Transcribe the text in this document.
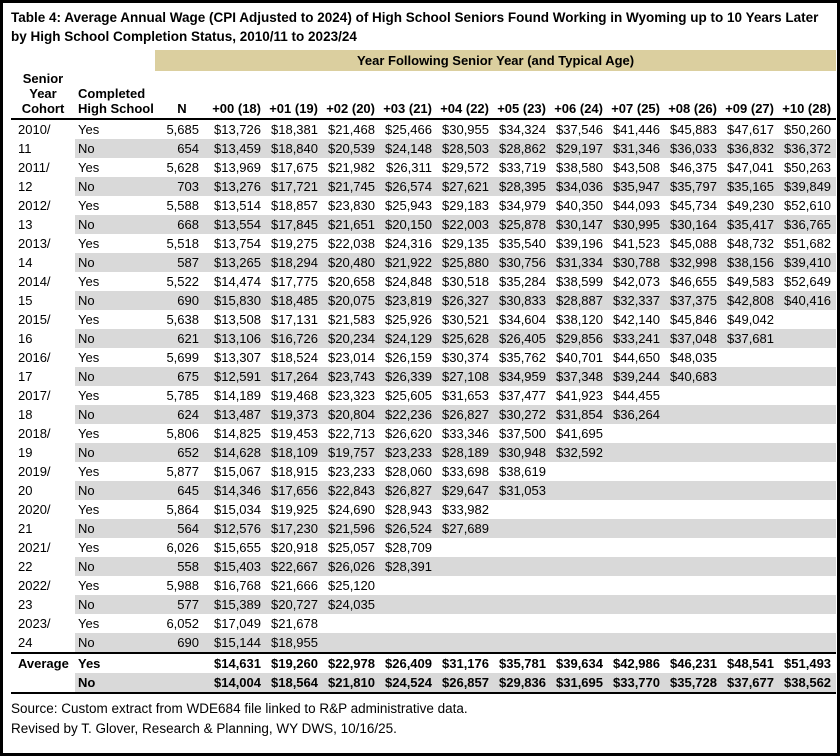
Table 4: Average Annual Wage (CPI Adjusted to 2024) of High School Seniors Found Working in Wyoming up to 10 Years Later by High School Completion Status, 2010/11 to 2023/24
		Year Following Senior Year (and Typical Age)											

Senior
Year
Cohort

Completed
High School	N	+00 (18)	+01 (19)	+02 (20)	+03 (21)	+04 (22)	+05 (23)	+06 (24)	+07 (25)	+08 (26)	+09 (27)	+10 (28)
2010/	Yes	5,685	$13,726	$18,381	$21,468	$25,466	$30,955	$34,324	$37,546	$41,446	$45,883	$47,617	$50,260
11	No	654	$13,459	$18,840	$20,539	$24,148	$28,503	$28,862	$29,197	$31,346	$36,033	$36,832	$36,372
2011/	Yes	5,628	$13,969	$17,675	$21,982	$26,311	$29,572	$33,719	$38,580	$43,508	$46,375	$47,041	$50,263
12	No	703	$13,276	$17,721	$21,745	$26,574	$27,621	$28,395	$34,036	$35,947	$35,797	$35,165	$39,849
2012/	Yes	5,588	$13,514	$18,857	$23,830	$25,943	$29,183	$34,979	$40,350	$44,093	$45,734	$49,230	$52,610
13	No	668	$13,554	$17,845	$21,651	$20,150	$22,003	$25,878	$30,147	$30,995	$30,164	$35,417	$36,765
2013/	Yes	5,518	$13,754	$19,275	$22,038	$24,316	$29,135	$35,540	$39,196	$41,523	$45,088	$48,732	$51,682
14	No	587	$13,265	$18,294	$20,480	$21,922	$25,880	$30,756	$31,334	$30,788	$32,998	$38,156	$39,410
2014/	Yes	5,522	$14,474	$17,775	$20,658	$24,848	$30,518	$35,284	$38,599	$42,073	$46,655	$49,583	$52,649
15	No	690	$15,830	$18,485	$20,075	$23,819	$26,327	$30,833	$28,887	$32,337	$37,375	$42,808	$40,416
2015/	Yes	5,638	$13,508	$17,131	$21,583	$25,926	$30,521	$34,604	$38,120	$42,140	$45,846	$49,042	
16	No	621	$13,106	$16,726	$20,234	$24,129	$25,628	$26,405	$29,856	$33,241	$37,048	$37,681	
2016/	Yes	5,699	$13,307	$18,524	$23,014	$26,159	$30,374	$35,762	$40,701	$44,650	$48,035		
17	No	675	$12,591	$17,264	$23,743	$26,339	$27,108	$34,959	$37,348	$39,244	$40,683		
2017/	Yes	5,785	$14,189	$19,468	$23,323	$25,605	$31,653	$37,477	$41,923	$44,455			
18	No	624	$13,487	$19,373	$20,804	$22,236	$26,827	$30,272	$31,854	$36,264			
2018/	Yes	5,806	$14,825	$19,453	$22,713	$26,620	$33,346	$37,500	$41,695				
19	No	652	$14,628	$18,109	$19,757	$23,233	$28,189	$30,948	$32,592				
2019/	Yes	5,877	$15,067	$18,915	$23,233	$28,060	$33,698	$38,619					
20	No	645	$14,346	$17,656	$22,843	$26,827	$29,647	$31,053					
2020/	Yes	5,864	$15,034	$19,925	$24,690	$28,943	$33,982						
21	No	564	$12,576	$17,230	$21,596	$26,524	$27,689						
2021/	Yes	6,026	$15,655	$20,918	$25,057	$28,709							
22	No	558	$15,403	$22,667	$26,026	$28,391							
2022/	Yes	5,988	$16,768	$21,666	$25,120								
23	No	577	$15,389	$20,727	$24,035								
2023/	Yes	6,052	$17,049	$21,678									
24	No	690	$15,144	$18,955									
Average	Yes		$14,631	$19,260	$22,978	$26,409	$31,176	$35,781	$39,634	$42,986	$46,231	$48,541	$51,493
	No		$14,004	$18,564	$21,810	$24,524	$26,857	$29,836	$31,695	$33,770	$35,728	$37,677	$38,562
Source: Custom extract from WDE684 file linked to R&P administrative data.
Revised by T. Glover, Research & Planning, WY DWS, 10/16/25.
